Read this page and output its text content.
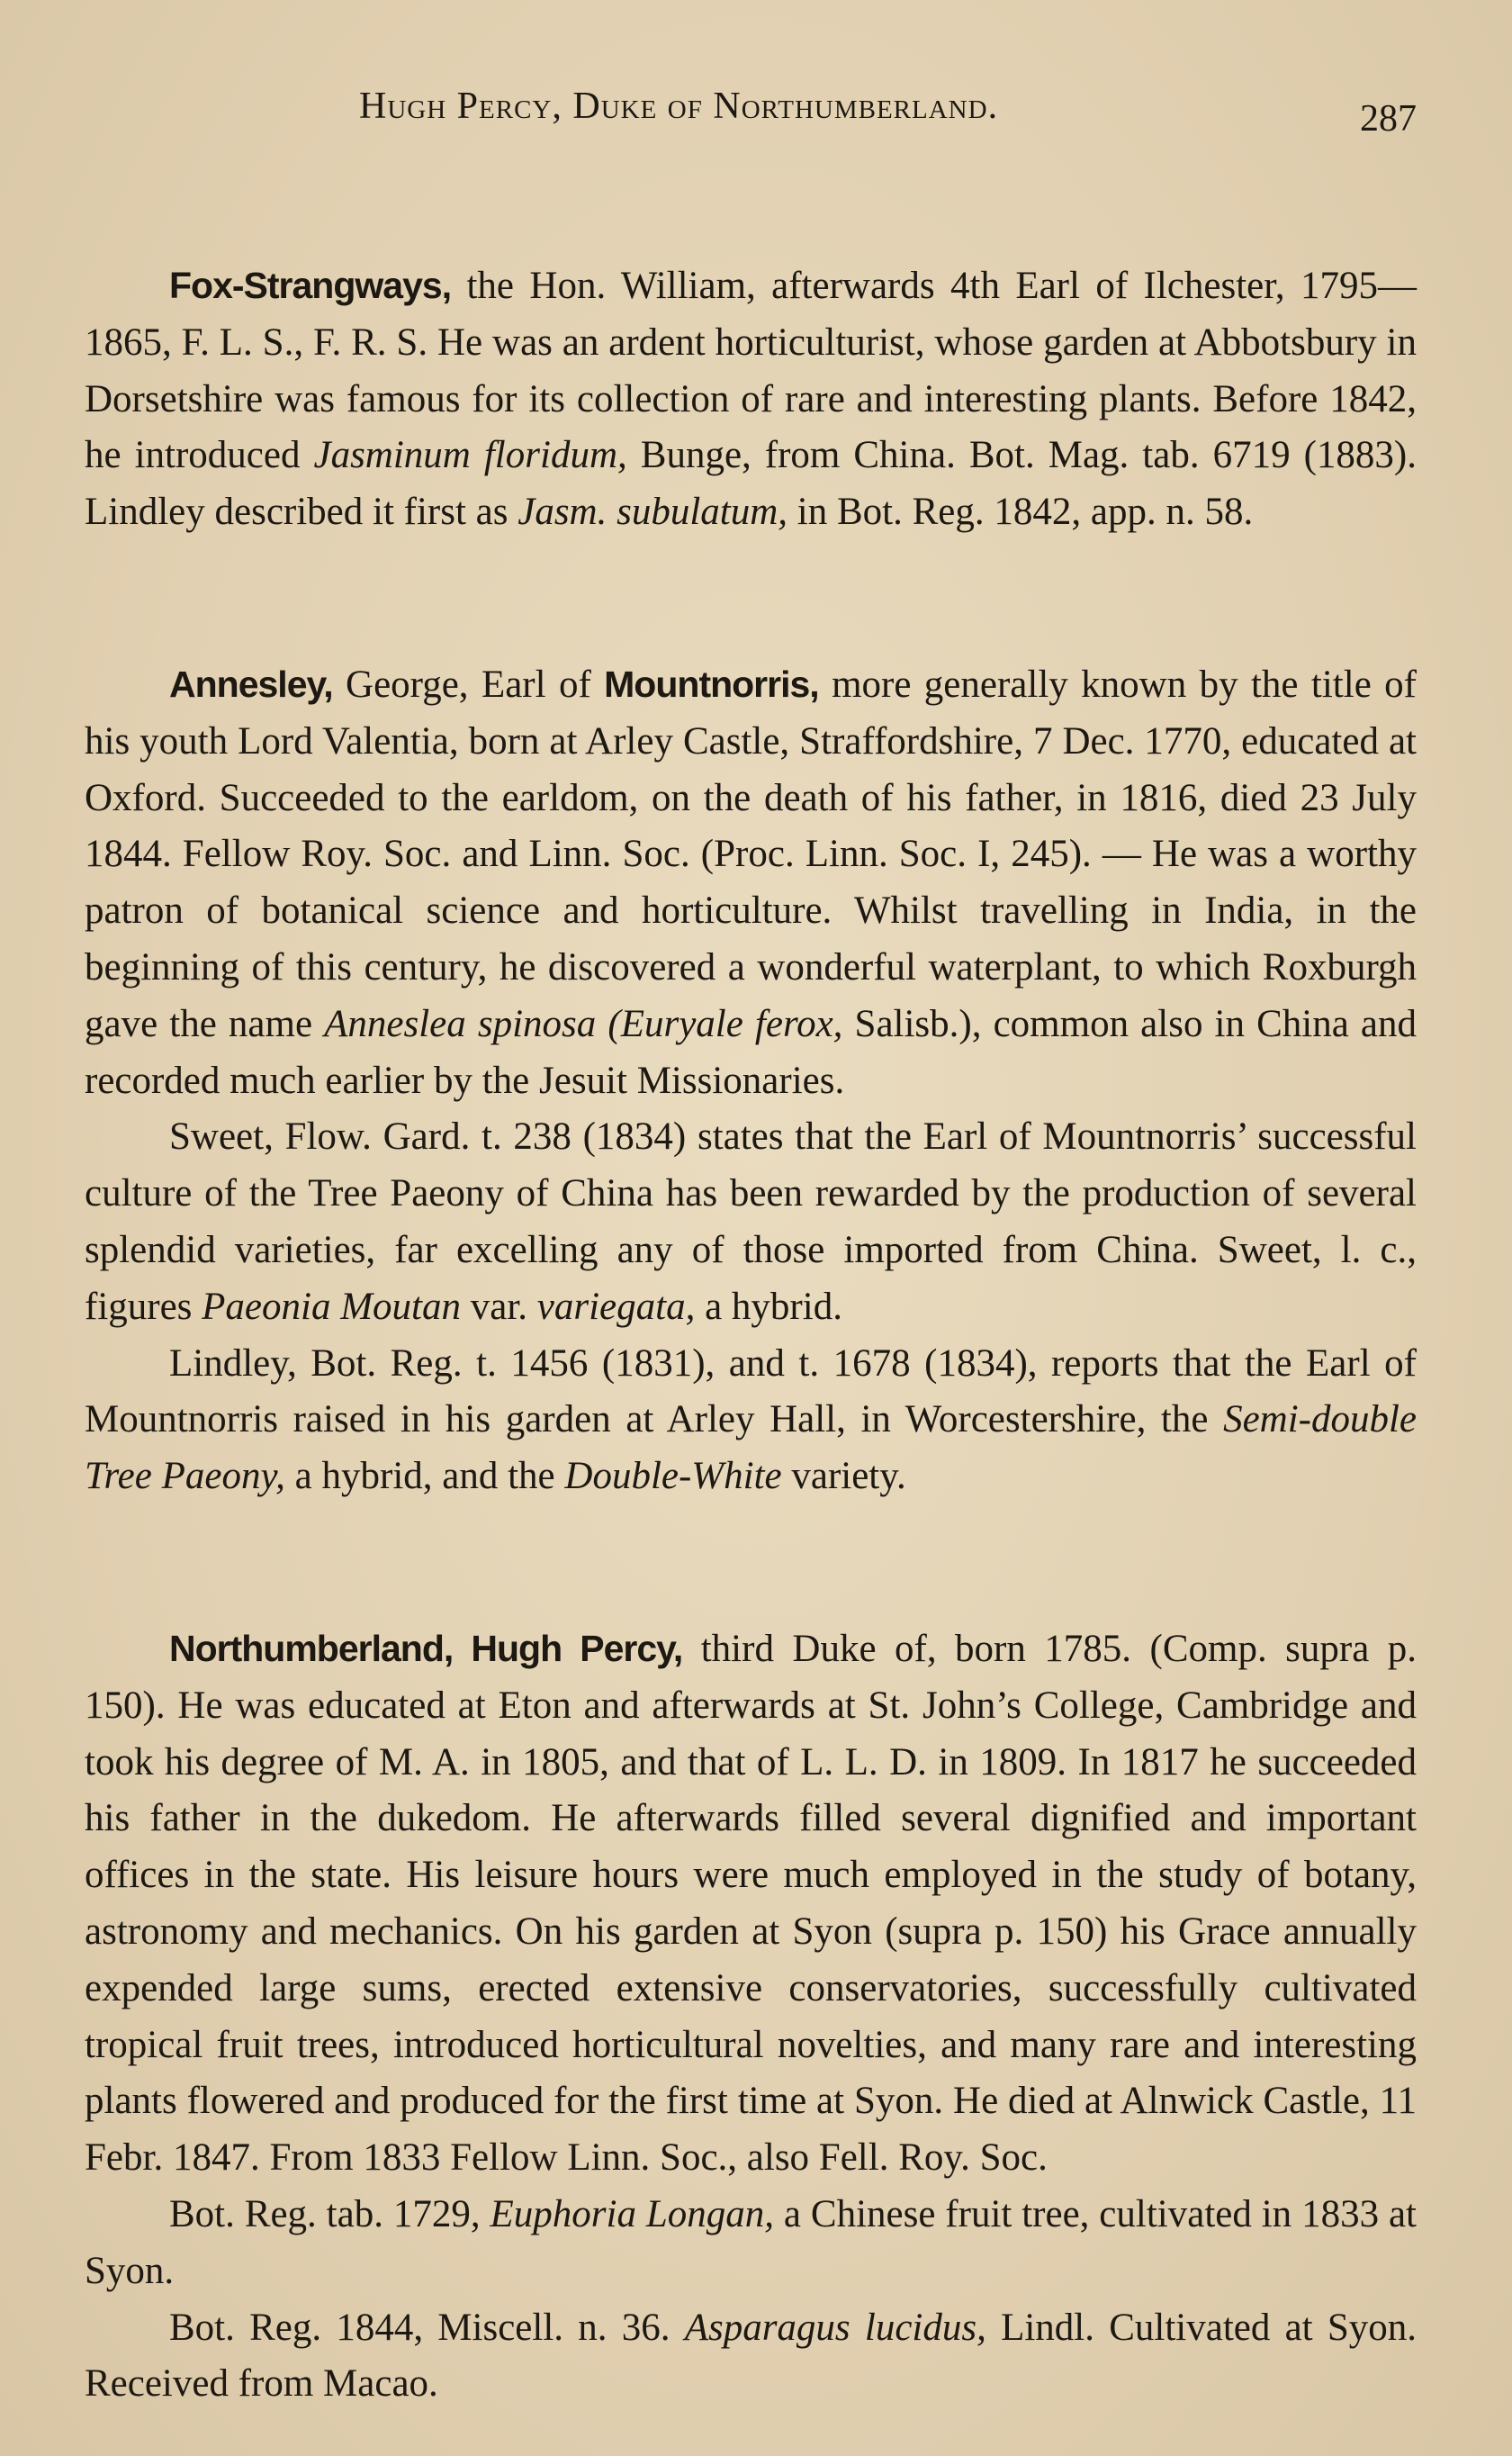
Hugh Percy, Duke of Northumberland.	287

Fox-Strangways, the Hon. William, afterwards 4th Earl of Ilchester, 1795—1865, F. L. S., F. R. S. He was an ardent horticulturist, whose garden at Abbotsbury in Dorsetshire was famous for its collection of rare and interesting plants. Before 1842, he introduced Jasminum floridum, Bunge, from China. Bot. Mag. tab. 6719 (1883). Lindley described it first as Jasm. subulatum, in Bot. Reg. 1842, app. n. 58.

Annesley, George, Earl of Mountnorris, more generally known by the title of his youth Lord Valentia, born at Arley Castle, Straffordshire, 7 Dec. 1770, educated at Oxford. Succeeded to the earldom, on the death of his father, in 1816, died 23 July 1844. Fellow Roy. Soc. and Linn. Soc. (Proc. Linn. Soc. I, 245). — He was a worthy patron of botanical science and horticulture. Whilst travelling in India, in the beginning of this century, he discovered a wonderful waterplant, to which Roxburgh gave the name Anneslea spinosa (Euryale ferox, Salisb.), common also in China and recorded much earlier by the Jesuit Missionaries.

Sweet, Flow. Gard. t. 238 (1834) states that the Earl of Mountnorris’ successful culture of the Tree Paeony of China has been rewarded by the production of several splendid varieties, far excelling any of those imported from China. Sweet, l. c., figures Paeonia Moutan var. variegata, a hybrid.

Lindley, Bot. Reg. t. 1456 (1831), and t. 1678 (1834), reports that the Earl of Mountnorris raised in his garden at Arley Hall, in Worcestershire, the Semi-double Tree Paeony, a hybrid, and the Double-White variety.

Northumberland, Hugh Percy, third Duke of, born 1785. (Comp. supra p. 150). He was educated at Eton and afterwards at St. John’s College, Cambridge and took his degree of M. A. in 1805, and that of L. L. D. in 1809. In 1817 he succeeded his father in the dukedom. He afterwards filled several dignified and important offices in the state. His leisure hours were much employed in the study of botany, astronomy and mechanics. On his garden at Syon (supra p. 150) his Grace annually expended large sums, erected extensive conservatories, successfully cultivated tropical fruit trees, introduced horticultural novelties, and many rare and interesting plants flowered and produced for the first time at Syon. He died at Alnwick Castle, 11 Febr. 1847. From 1833 Fellow Linn. Soc., also Fell. Roy. Soc.

Bot. Reg. tab. 1729, Euphoria Longan, a Chinese fruit tree, cultivated in 1833 at Syon.

Bot. Reg. 1844, Miscell. n. 36. Asparagus lucidus, Lindl. Cultivated at Syon. Received from Macao.
